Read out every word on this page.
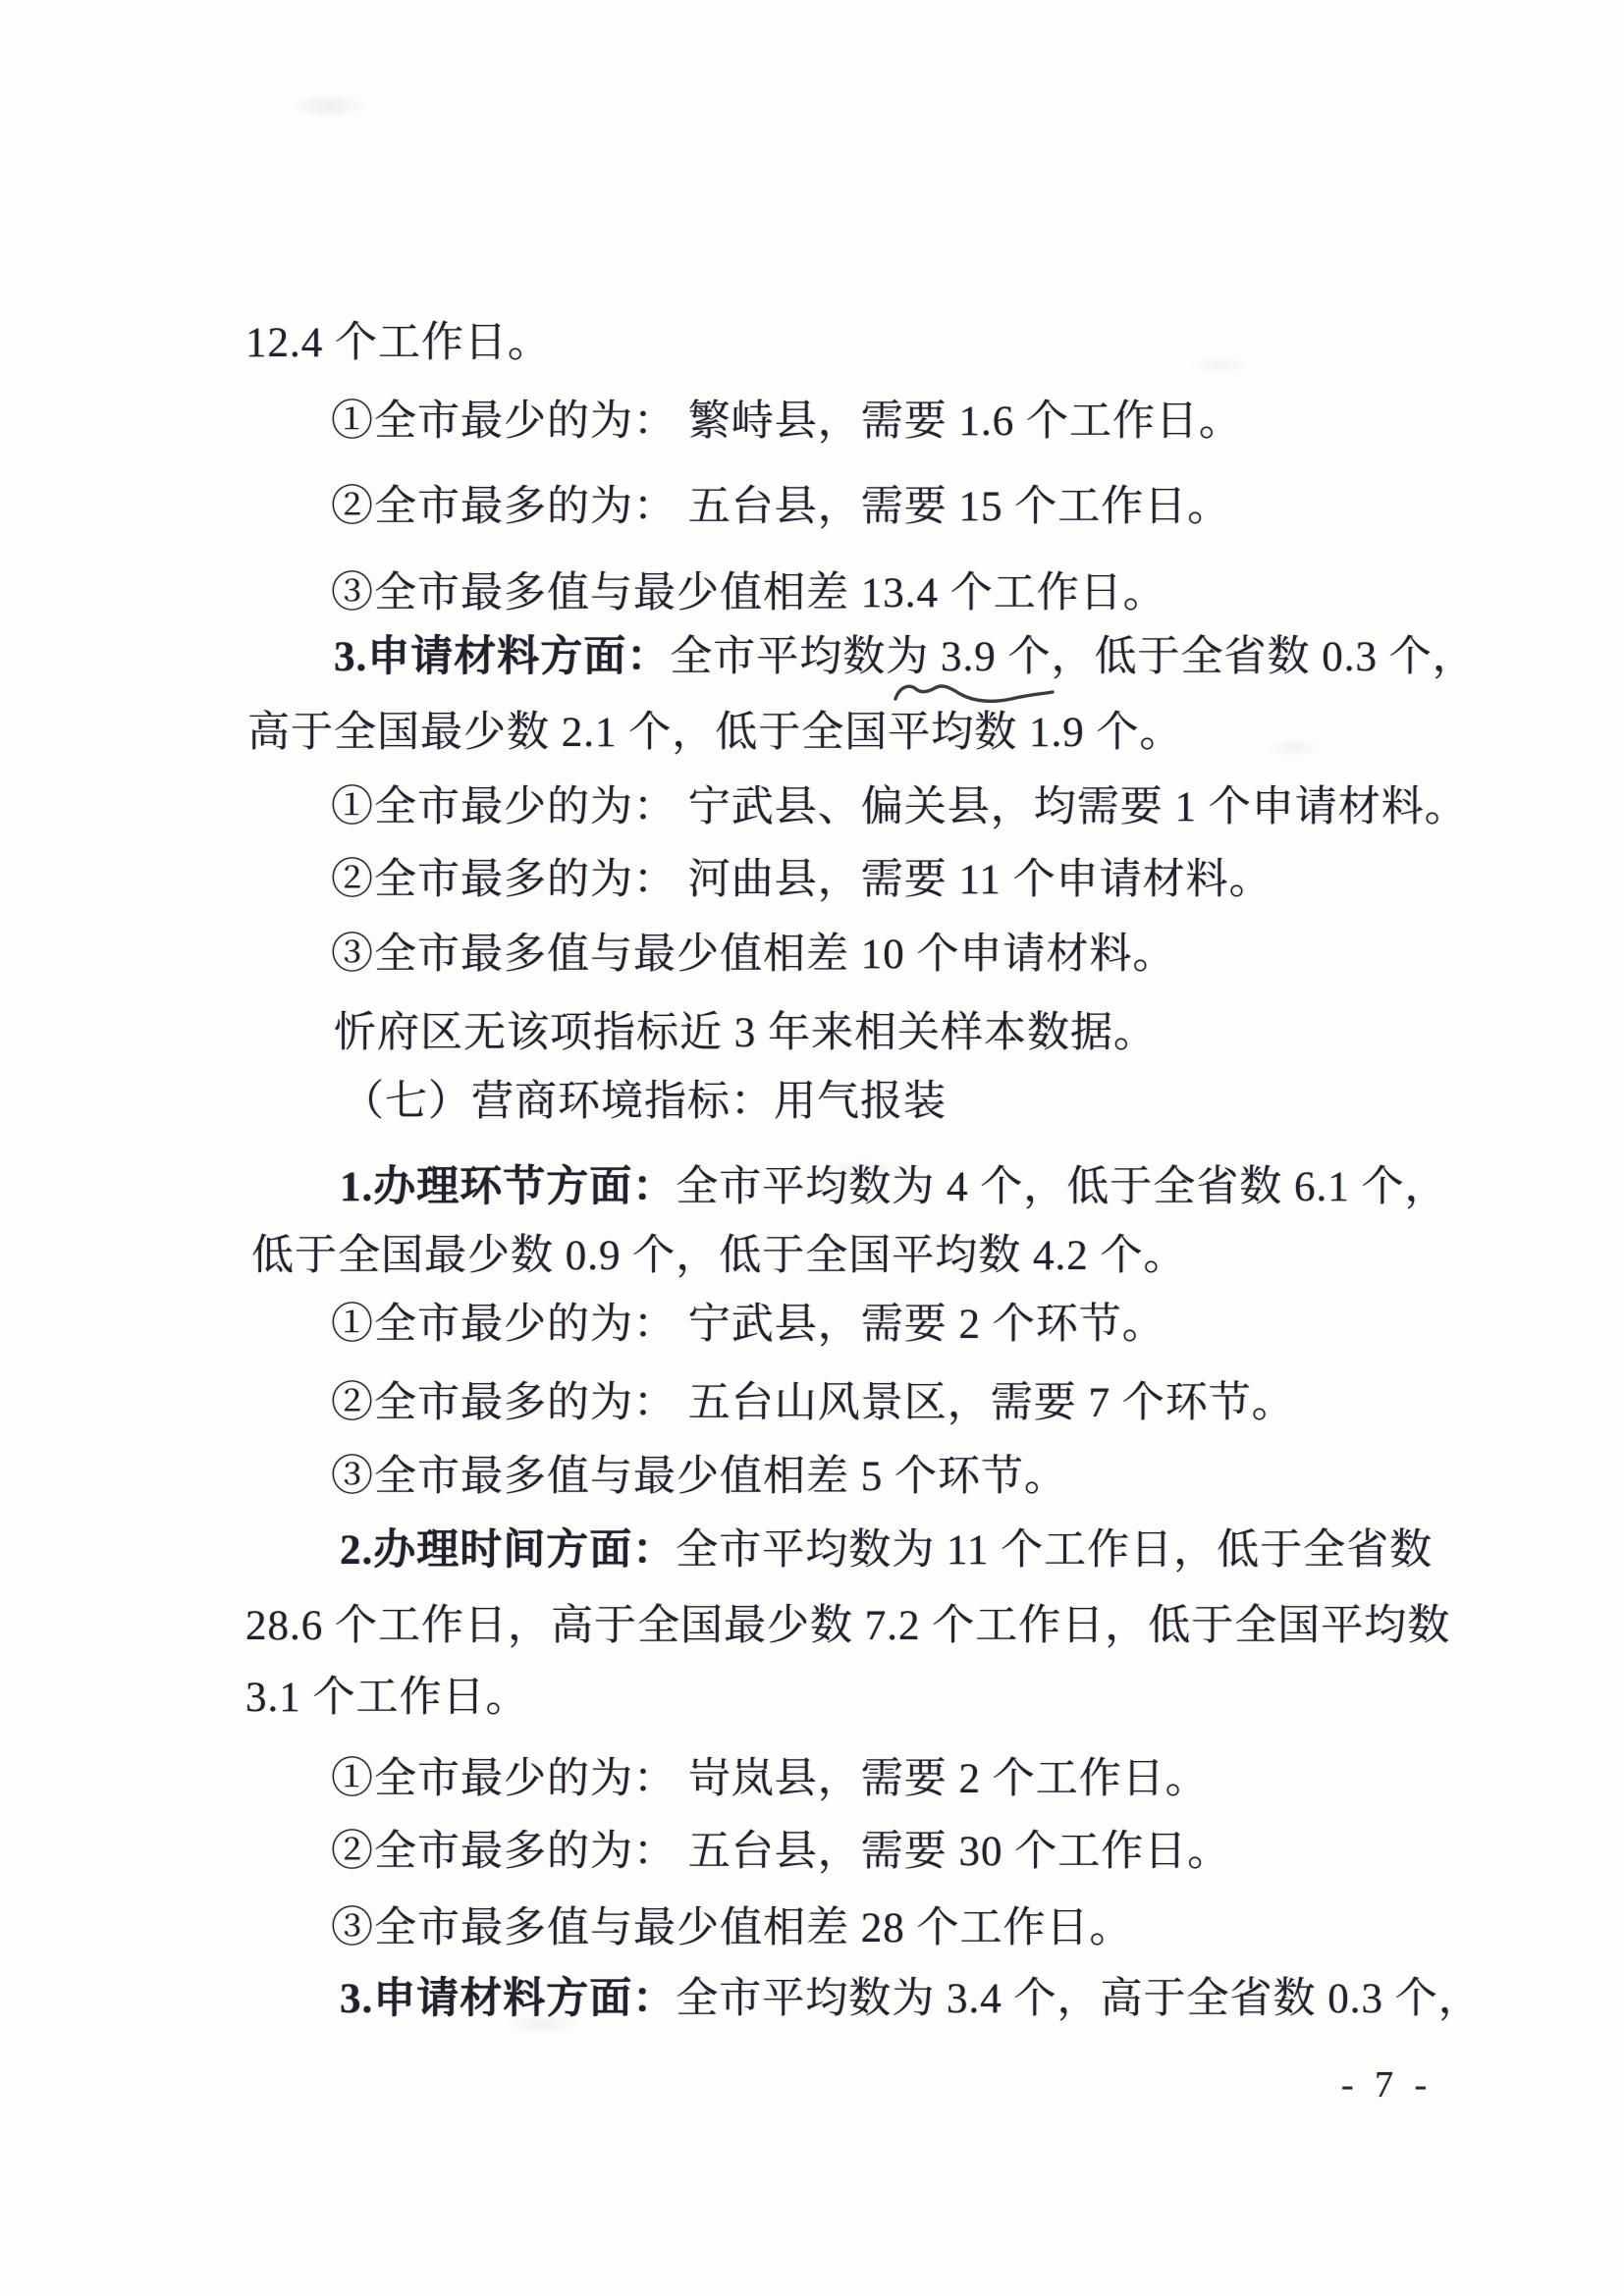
12.4 个工作日。
①全市最少的为： 繁峙县，需要 1.6 个工作日。
②全市最多的为： 五台县，需要 15 个工作日。
③全市最多值与最少值相差 13.4 个工作日。
3.申请材料方面：全市平均数为 3.9 个，低于全省数 0.3 个，
高于全国最少数 2.1 个，低于全国平均数 1.9 个。
①全市最少的为： 宁武县、偏关县，均需要 1 个申请材料。
②全市最多的为： 河曲县，需要 11 个申请材料。
③全市最多值与最少值相差 10 个申请材料。
忻府区无该项指标近 3 年来相关样本数据。
（七）营商环境指标：用气报装
1.办理环节方面：全市平均数为 4 个，低于全省数 6.1 个，
低于全国最少数 0.9 个，低于全国平均数 4.2 个。
①全市最少的为： 宁武县，需要 2 个环节。
②全市最多的为： 五台山风景区，需要 7 个环节。
③全市最多值与最少值相差 5 个环节。
2.办理时间方面：全市平均数为 11 个工作日，低于全省数
28.6 个工作日，高于全国最少数 7.2 个工作日，低于全国平均数
3.1 个工作日。
①全市最少的为： 岢岚县，需要 2 个工作日。
②全市最多的为： 五台县，需要 30 个工作日。
③全市最多值与最少值相差 28 个工作日。
3.申请材料方面：全市平均数为 3.4 个，高于全省数 0.3 个，
- 7 -
